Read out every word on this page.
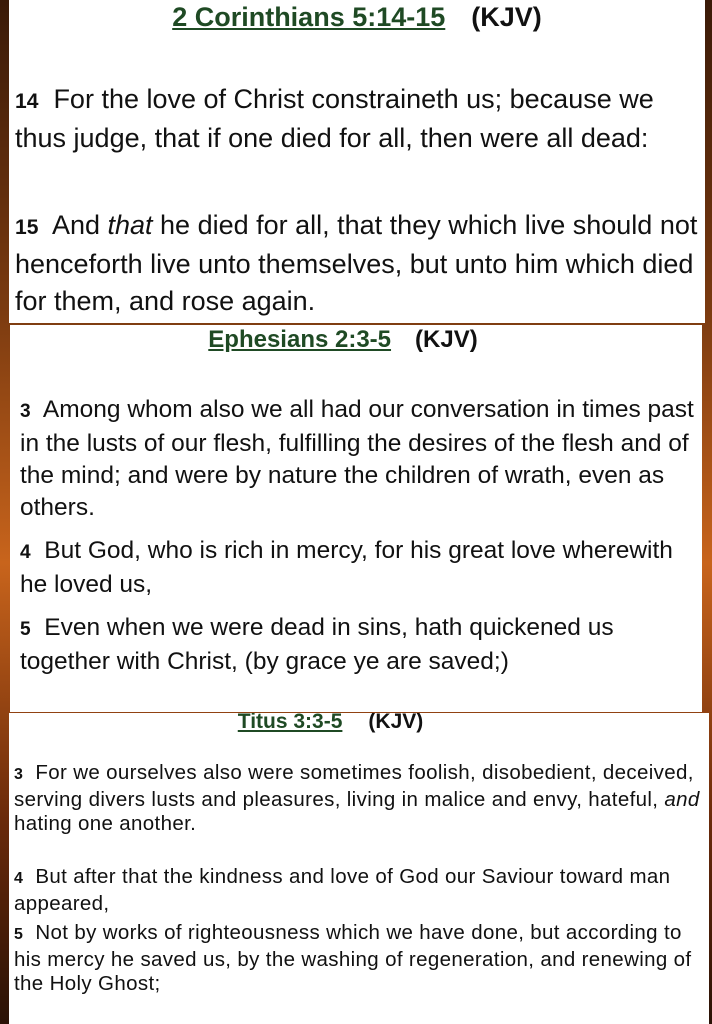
2 Corinthians 5:14-15 (KJV)
14 For the love of Christ constraineth us; because we thus judge, that if one died for all, then were all dead:
15 And that he died for all, that they which live should not henceforth live unto themselves, but unto him which died for them, and rose again.
Ephesians 2:3-5 (KJV)
3 Among whom also we all had our conversation in times past in the lusts of our flesh, fulfilling the desires of the flesh and of the mind; and were by nature the children of wrath, even as others.
4 But God, who is rich in mercy, for his great love wherewith he loved us,
5 Even when we were dead in sins, hath quickened us together with Christ, (by grace ye are saved;)
Titus 3:3-5 (KJV)
3 For we ourselves also were sometimes foolish, disobedient, deceived, serving divers lusts and pleasures, living in malice and envy, hateful, and hating one another.
4 But after that the kindness and love of God our Saviour toward man appeared,
5 Not by works of righteousness which we have done, but according to his mercy he saved us, by the washing of regeneration, and renewing of the Holy Ghost;
